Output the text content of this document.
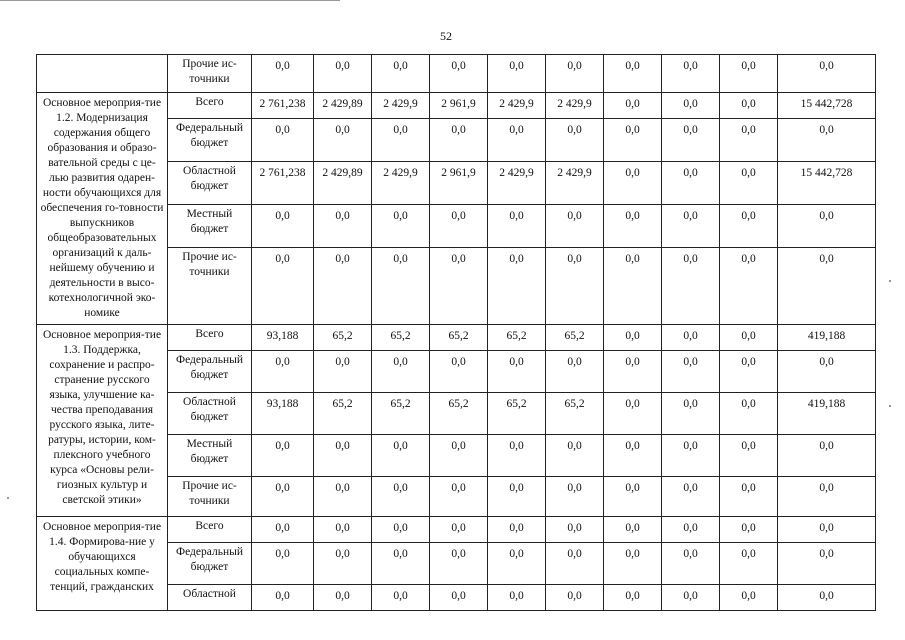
52
	Прочие ис-точники	0,0	0,0	0,0	0,0	0,0	0,0	0,0	0,0	0,0	0,0
Основное мероприя-тие 1.2. Модернизация содержания общего образования и образо-вательной среды с це-лью развития одарен-ности обучающихся для обеспечения го-товности выпускников общеобразовательных организаций к даль-нейшему обучению и деятельности в высо-котехнологичной эко-номике	Всего	2 761,238	2 429,89	2 429,9	2 961,9	2 429,9	2 429,9	0,0	0,0	0,0	15 442,728
	Федеральный бюджет	0,0	0,0	0,0	0,0	0,0	0,0	0,0	0,0	0,0	0,0
	Областной бюджет	2 761,238	2 429,89	2 429,9	2 961,9	2 429,9	2 429,9	0,0	0,0	0,0	15 442,728
	Местный бюджет	0,0	0,0	0,0	0,0	0,0	0,0	0,0	0,0	0,0	0,0
	Прочие ис-точники	0,0	0,0	0,0	0,0	0,0	0,0	0,0	0,0	0,0	0,0
Основное мероприя-тие 1.3. Поддержка, сохранение и распро-странение русского языка, улучшение ка-чества преподавания русского языка, лите-ратуры, истории, ком-плексного учебного курса «Основы рели-гиозных культур и светской этики»	Всего	93,188	65,2	65,2	65,2	65,2	65,2	0,0	0,0	0,0	419,188
	Федеральный бюджет	0,0	0,0	0,0	0,0	0,0	0,0	0,0	0,0	0,0	0,0
	Областной бюджет	93,188	65,2	65,2	65,2	65,2	65,2	0,0	0,0	0,0	419,188
	Местный бюджет	0,0	0,0	0,0	0,0	0,0	0,0	0,0	0,0	0,0	0,0
	Прочие ис-точники	0,0	0,0	0,0	0,0	0,0	0,0	0,0	0,0	0,0	0,0
Основное мероприя-тие 1.4. Формирова-ние у обучающихся социальных компе-тенций, гражданских	Всего	0,0	0,0	0,0	0,0	0,0	0,0	0,0	0,0	0,0	0,0
	Федеральный бюджет	0,0	0,0	0,0	0,0	0,0	0,0	0,0	0,0	0,0	0,0
	Областной	0,0	0,0	0,0	0,0	0,0	0,0	0,0	0,0	0,0	0,0
